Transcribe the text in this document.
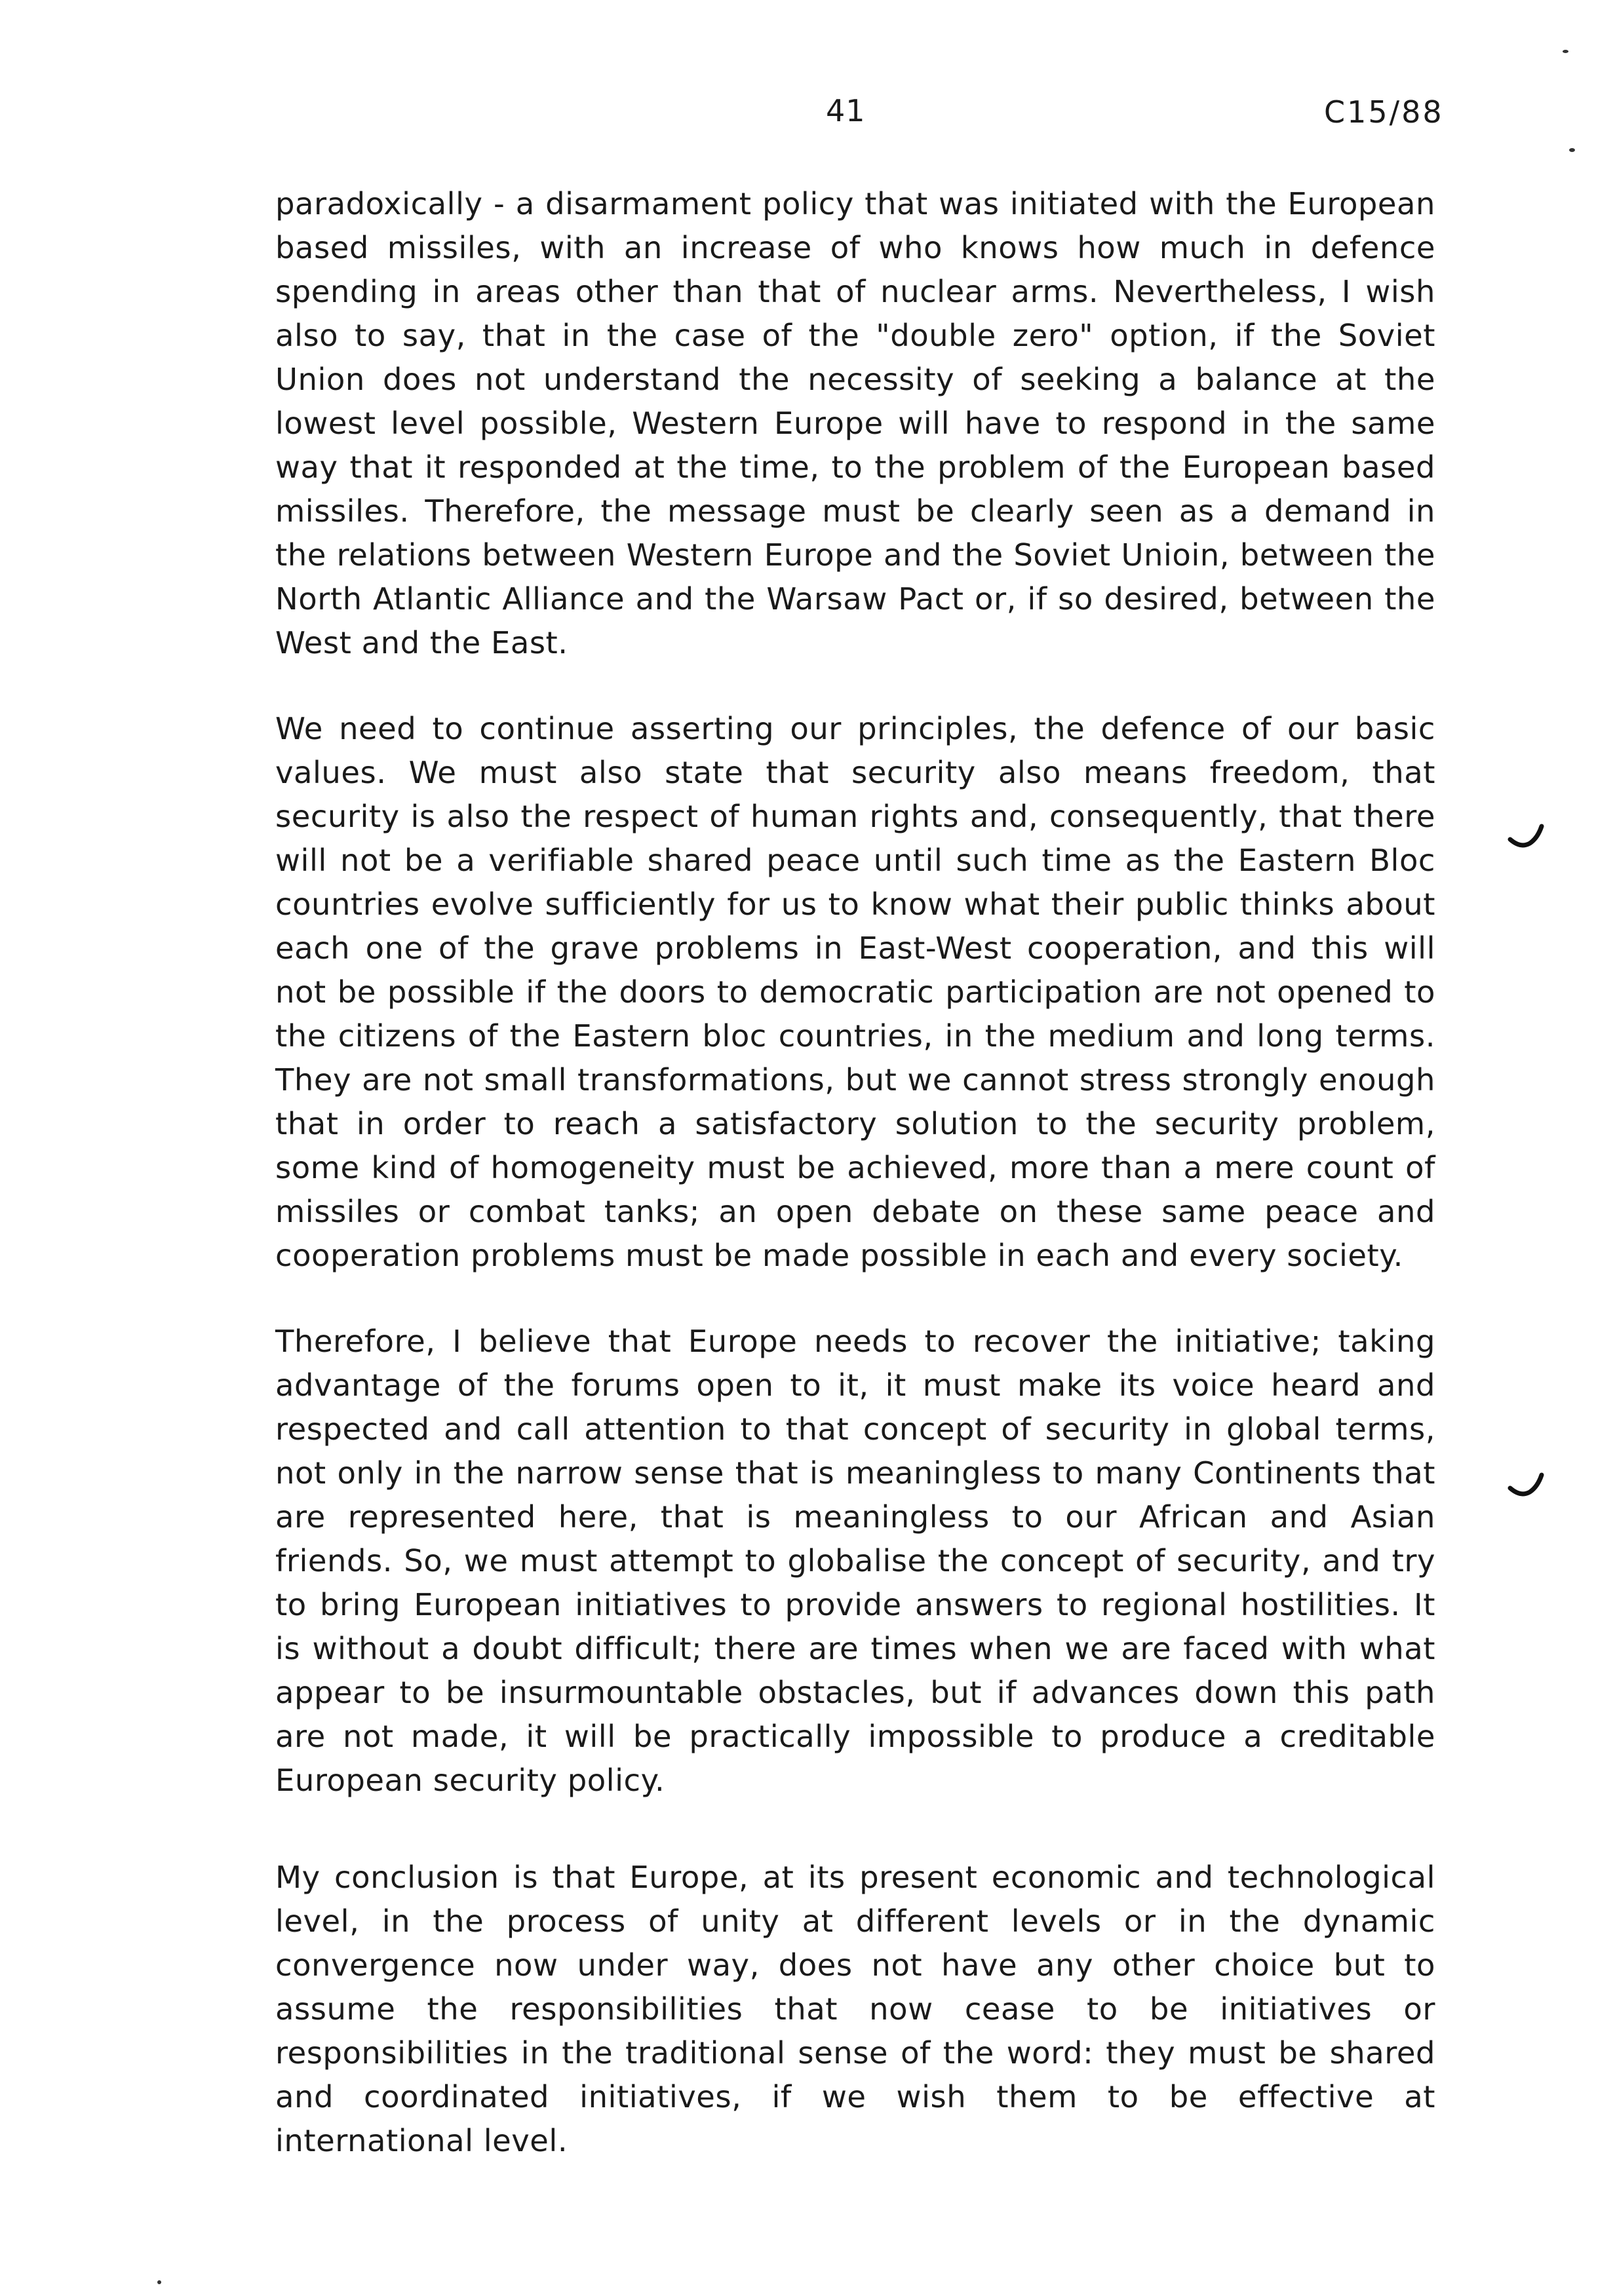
41	C15/88

paradoxically - a disarmament policy that was initiated with the European based missiles, with an increase of who knows how much in defence spending in areas other than that of nuclear arms. Nevertheless, I wish also to say, that in the case of the "double zero" option, if the Soviet Union does not understand the necessity of seeking a balance at the lowest level possible, Western Europe will have to respond in the same way that it responded at the time, to the problem of the European based missiles. Therefore, the message must be clearly seen as a demand in the relations between Western Europe and the Soviet Unioin, between the North Atlantic Alliance and the Warsaw Pact or, if so desired, between the West and the East.

We need to continue asserting our principles, the defence of our basic values. We must also state that security also means freedom, that security is also the respect of human rights and, consequently, that there will not be a verifiable shared peace until such time as the Eastern Bloc countries evolve sufficiently for us to know what their public thinks about each one of the grave problems in East-West cooperation, and this will not be possible if the doors to democratic participation are not opened to the citizens of the Eastern bloc countries, in the medium and long terms. They are not small transformations, but we cannot stress strongly enough that in order to reach a satisfactory solution to the security problem, some kind of homogeneity must be achieved, more than a mere count of missiles or combat tanks; an open debate on these same peace and cooperation problems must be made possible in each and every society.

Therefore, I believe that Europe needs to recover the initiative; taking advantage of the forums open to it, it must make its voice heard and respected and call attention to that concept of security in global terms, not only in the narrow sense that is meaningless to many Continents that are represented here, that is meaningless to our African and Asian friends. So, we must attempt to globalise the concept of security, and try to bring European initiatives to provide answers to regional hostilities. It is without a doubt difficult; there are times when we are faced with what appear to be insurmountable obstacles, but if advances down this path are not made, it will be practically impossible to produce a creditable European security policy.

My conclusion is that Europe, at its present economic and technological level, in the process of unity at different levels or in the dynamic convergence now under way, does not have any other choice but to assume the responsibilities that now cease to be initiatives or responsibilities in the traditional sense of the word: they must be shared and coordinated initiatives, if we wish them to be effective at international level.
